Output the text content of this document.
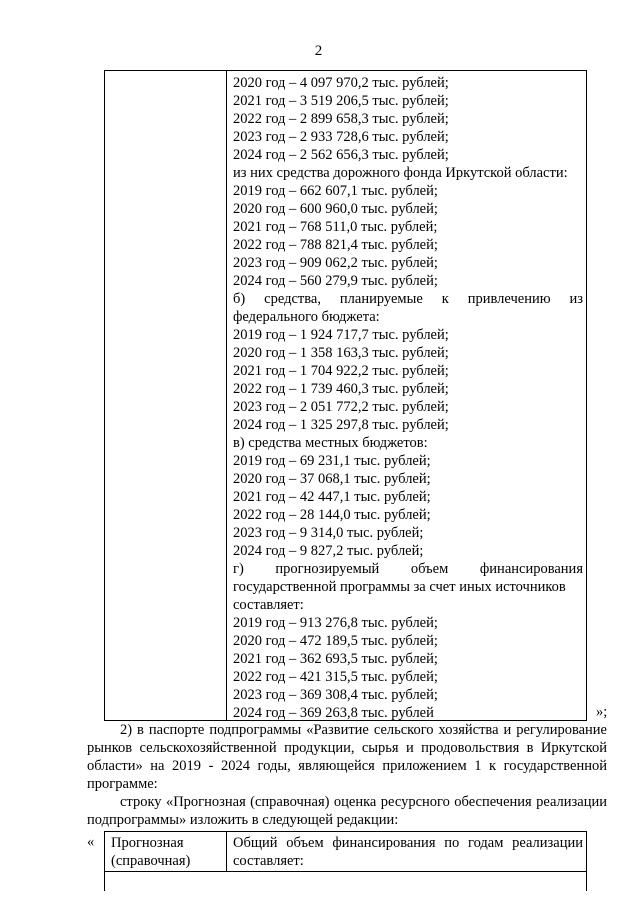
2
2020 год – 4 097 970,2 тыс. рублей;
2021 год – 3 519 206,5 тыс. рублей;
2022 год – 2 899 658,3 тыс. рублей;
2023 год – 2 933 728,6 тыс. рублей;
2024 год – 2 562 656,3 тыс. рублей;
из них средства дорожного фонда Иркутской области:
2019 год – 662 607,1 тыс. рублей;
2020 год – 600 960,0 тыс. рублей;
2021 год – 768 511,0 тыс. рублей;
2022 год – 788 821,4 тыс. рублей;
2023 год – 909 062,2 тыс. рублей;
2024 год – 560 279,9 тыс. рублей;
б) средства, планируемые к привлечению из
федерального бюджета:
2019 год – 1 924 717,7 тыс. рублей;
2020 год – 1 358 163,3 тыс. рублей;
2021 год – 1 704 922,2 тыс. рублей;
2022 год – 1 739 460,3 тыс. рублей;
2023 год – 2 051 772,2 тыс. рублей;
2024 год – 1 325 297,8 тыс. рублей;
в) средства местных бюджетов:
2019 год – 69 231,1 тыс. рублей;
2020 год – 37 068,1 тыс. рублей;
2021 год – 42 447,1 тыс. рублей;
2022 год – 28 144,0 тыс. рублей;
2023 год – 9 314,0 тыс. рублей;
2024 год – 9 827,2 тыс. рублей;
г) прогнозируемый объем финансирования
государственной программы за счет иных источников
составляет:
2019 год – 913 276,8 тыс. рублей;
2020 год – 472 189,5 тыс. рублей;
2021 год – 362 693,5 тыс. рублей;
2022 год – 421 315,5 тыс. рублей;
2023 год – 369 308,4 тыс. рублей;
2024 год – 369 263,8 тыс. рублей	»;

2) в паспорте подпрограммы «Развитие сельского хозяйства и регулирование рынков сельскохозяйственной продукции, сырья и продовольствия в Иркутской области» на 2019 - 2024 годы, являющейся приложением 1 к государственной программе:

строку «Прогнозная (справочная) оценка ресурсного обеспечения реализации подпрограммы» изложить в следующей редакции:

« Прогнозная
(справочная)
Общий объем финансирования по годам реализации составляет:
